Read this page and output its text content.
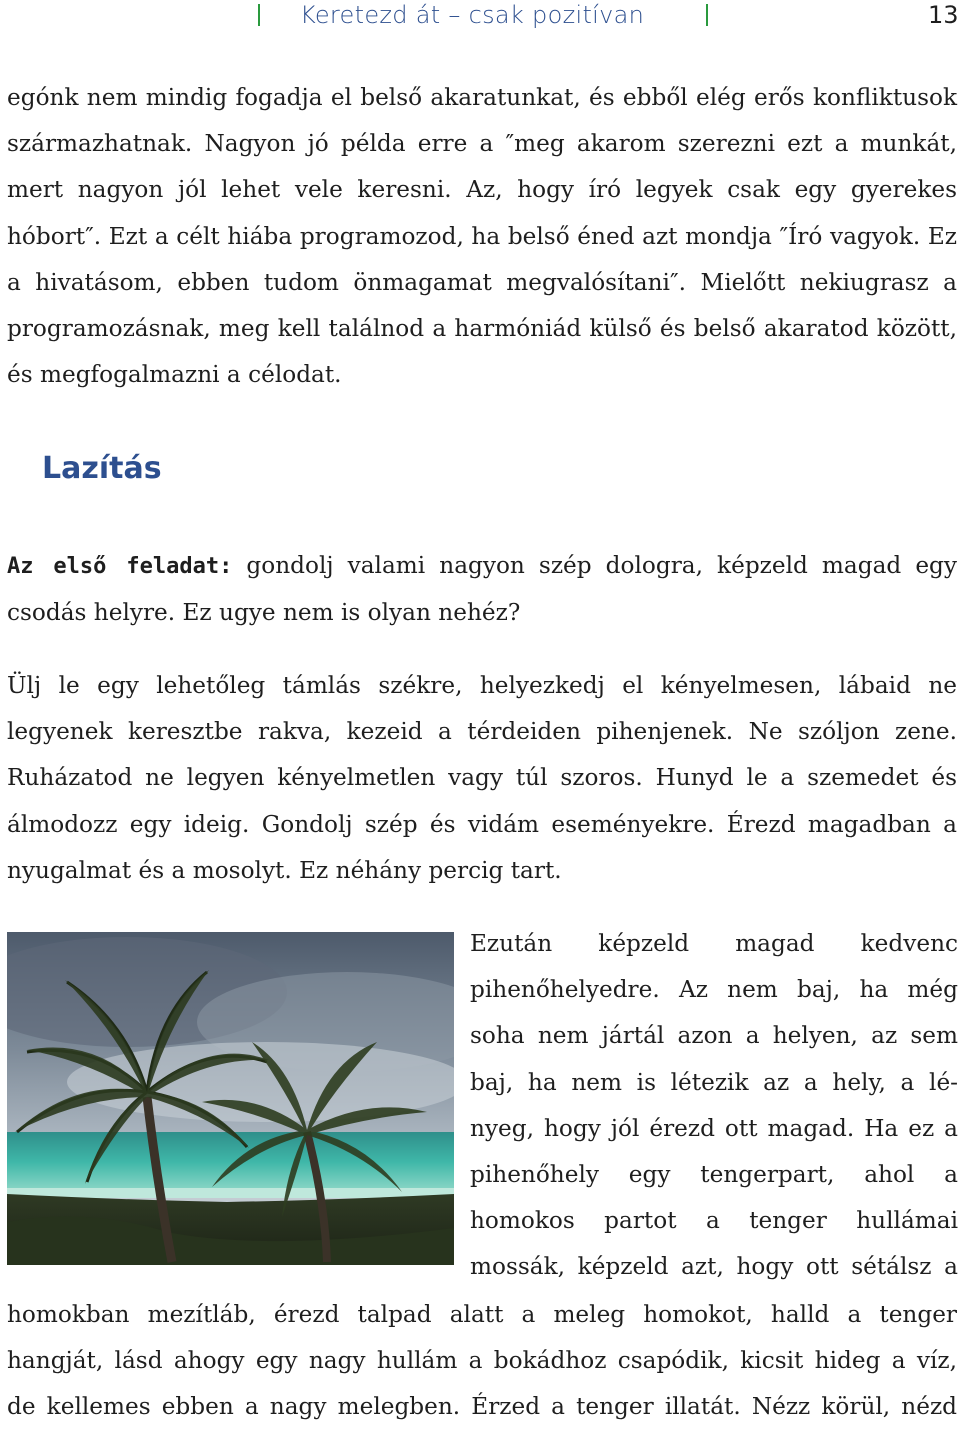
Keretezd át – csak pozitívan	13

egónk nem mindig fogadja el belső akaratunkat, és ebből elég erős konfliktusok származhatnak. Nagyon jó példa erre a ″meg akarom szerezni ezt a munkát, mert nagyon jól lehet vele keresni. Az, hogy író legyek csak egy gyerekes hóbort″. Ezt a célt hiába programozod, ha belső éned azt mondja ″Író vagyok. Ez a hivatásom, ebben tudom önmagamat megvalósítani″. Mielőtt nekiugrasz a programozásnak, meg kell találnod a harmóniád külső és belső akaratod között, és megfogalmazni a célodat.

Lazítás

Az első feladat: gondolj valami nagyon szép dologra, képzeld magad egy csodás helyre. Ez ugye nem is olyan nehéz?

Ülj le egy lehetőleg támlás székre, helyezkedj el kényelmesen, lábaid ne legyenek keresztbe rakva, kezeid a térdeiden pihenjenek. Ne szóljon zene. Ruházatod ne legyen kényelmetlen vagy túl szoros. Hunyd le a szemedet és álmodozz egy ideig. Gondolj szép és vidám eseményekre. Érezd magadban a nyugalmat és a mosolyt. Ez néhány percig tart.

Ezután képzeld magad kedvenc
pihenőhelyedre. Az nem baj, ha még
soha nem jártál azon a helyen, az sem
baj, ha nem is létezik az a hely, a lé-
nyeg, hogy jól érezd ott magad. Ha ez a
pihenőhely egy tengerpart, ahol a
homokos partot a tenger hullámai
mossák, képzeld azt, hogy ott sétálsz a
homokban mezítláb, érezd talpad alatt a meleg homokot, halld a tenger
hangját, lásd ahogy egy nagy hullám a bokádhoz csapódik, kicsit hideg a víz,
de kellemes ebben a nagy melegben. Érzed a tenger illatát. Nézz körül, nézd
